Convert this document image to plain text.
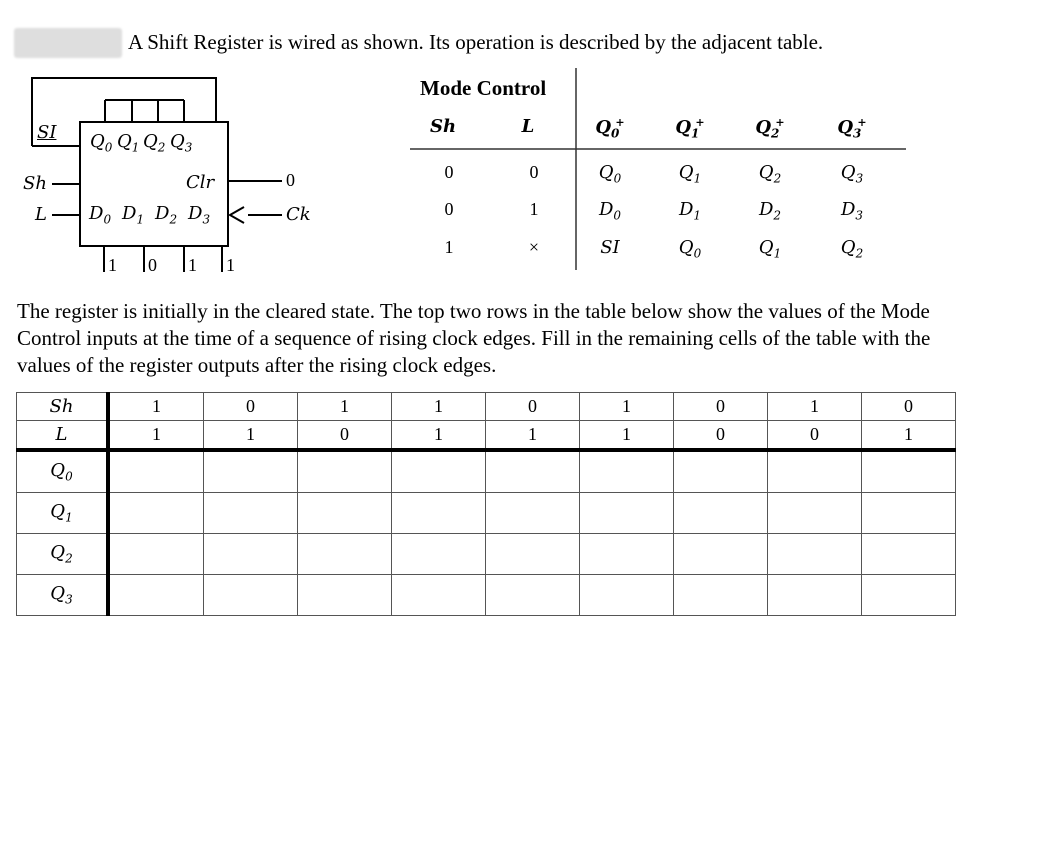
A Shift Register is wired as shown. Its operation is described by the adjacent table.
SI $Q_0$ $Q_1$ $Q_2$ $Q_3$
Sh
L
Clr	0
Ck
$D_0$ $D_1$ $D_2$ $D_3$
1 0 1 1
Mode Control
Sh	L	$Q_0^+$	$Q_1^+$	$Q_2^+$	$Q_3^+$
0	0	$Q_0$	$Q_1$	$Q_2$	$Q_3$
0	1	$D_0$	$D_1$	$D_2$	$D_3$
1	×	SI	$Q_0$	$Q_1$	$Q_2$
The register is initially in the cleared state. The top two rows in the table below show the values of the Mode Control inputs at the time of a sequence of rising clock edges. Fill in the remaining cells of the table with the values of the register outputs after the rising clock edges.
Sh	1	0	1	1	0	1	0	1	0
L	1	1	0	1	1	1	0	0	1
$Q_0$									
$Q_1$									
$Q_2$									
$Q_3$									
